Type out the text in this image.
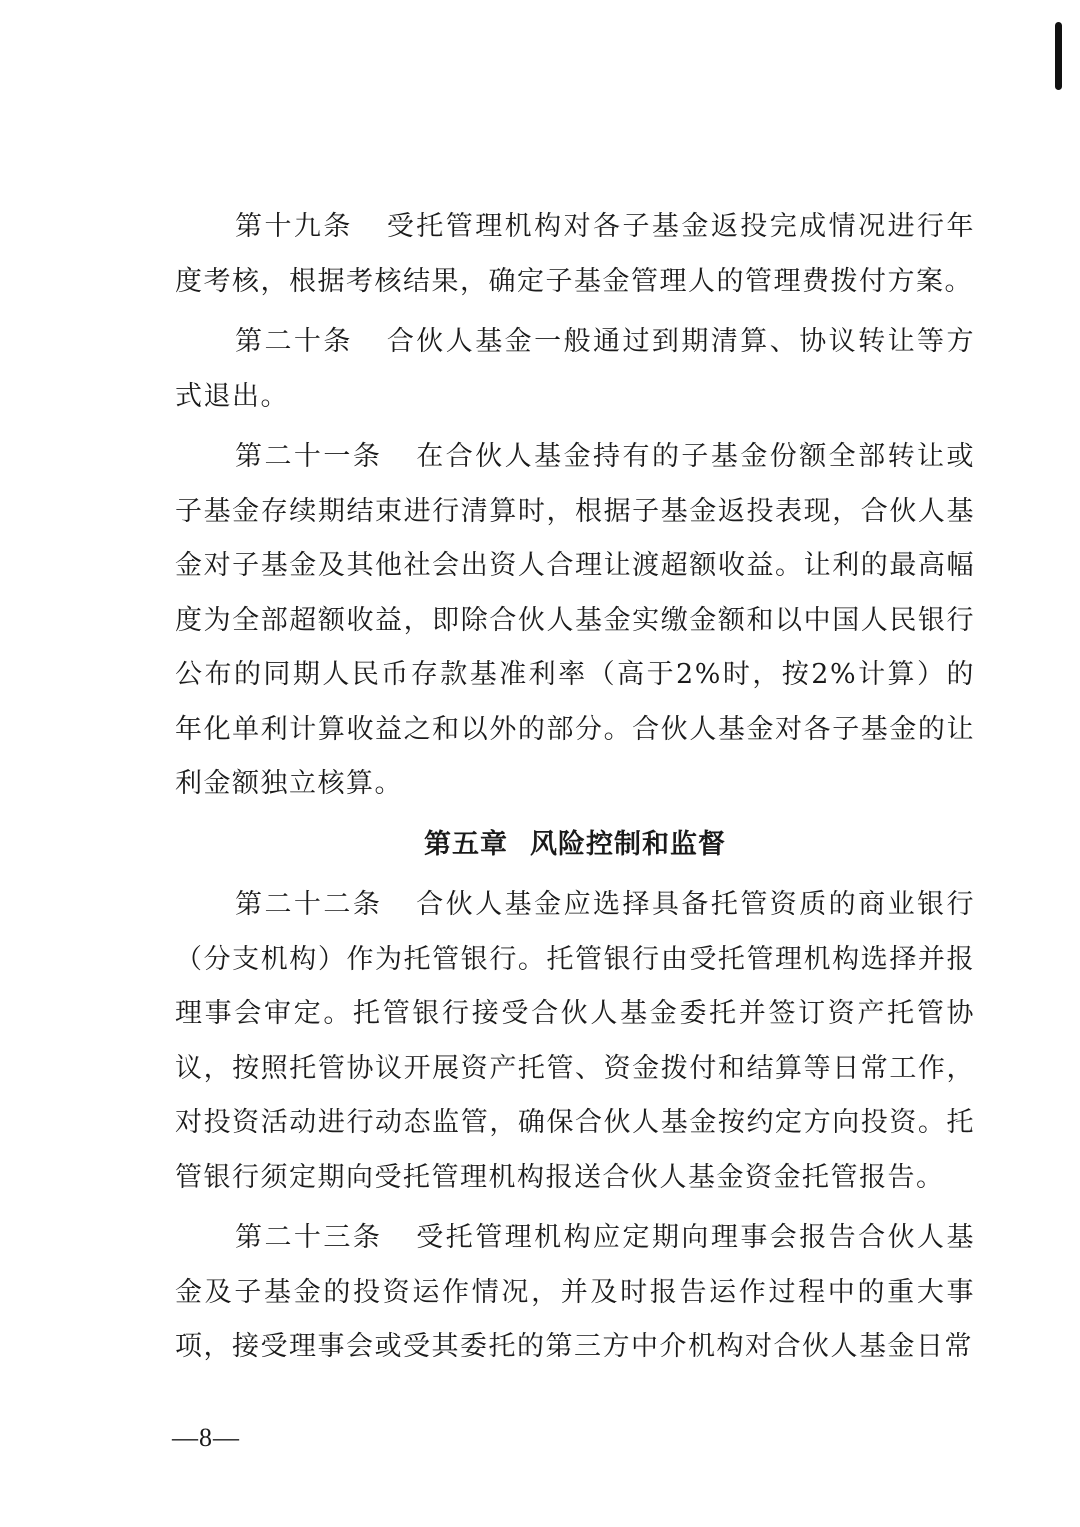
第十九条 受托管理机构对各子基金返投完成情况进行年度考核，根据考核结果，确定子基金管理人的管理费拨付方案。

第二十条 合伙人基金一般通过到期清算、协议转让等方式退出。

第二十一条 在合伙人基金持有的子基金份额全部转让或子基金存续期结束进行清算时，根据子基金返投表现，合伙人基金对子基金及其他社会出资人合理让渡超额收益。让利的最高幅度为全部超额收益，即除合伙人基金实缴金额和以中国人民银行公布的同期人民币存款基准利率（高于2%时，按2%计算）的年化单利计算收益之和以外的部分。合伙人基金对各子基金的让利金额独立核算。

第五章 风险控制和监督

第二十二条 合伙人基金应选择具备托管资质的商业银行（分支机构）作为托管银行。托管银行由受托管理机构选择并报理事会审定。托管银行接受合伙人基金委托并签订资产托管协议，按照托管协议开展资产托管、资金拨付和结算等日常工作，对投资活动进行动态监管，确保合伙人基金按约定方向投资。托管银行须定期向受托管理机构报送合伙人基金资金托管报告。

第二十三条 受托管理机构应定期向理事会报告合伙人基金及子基金的投资运作情况，并及时报告运作过程中的重大事项，接受理事会或受其委托的第三方中介机构对合伙人基金日常

—8—
